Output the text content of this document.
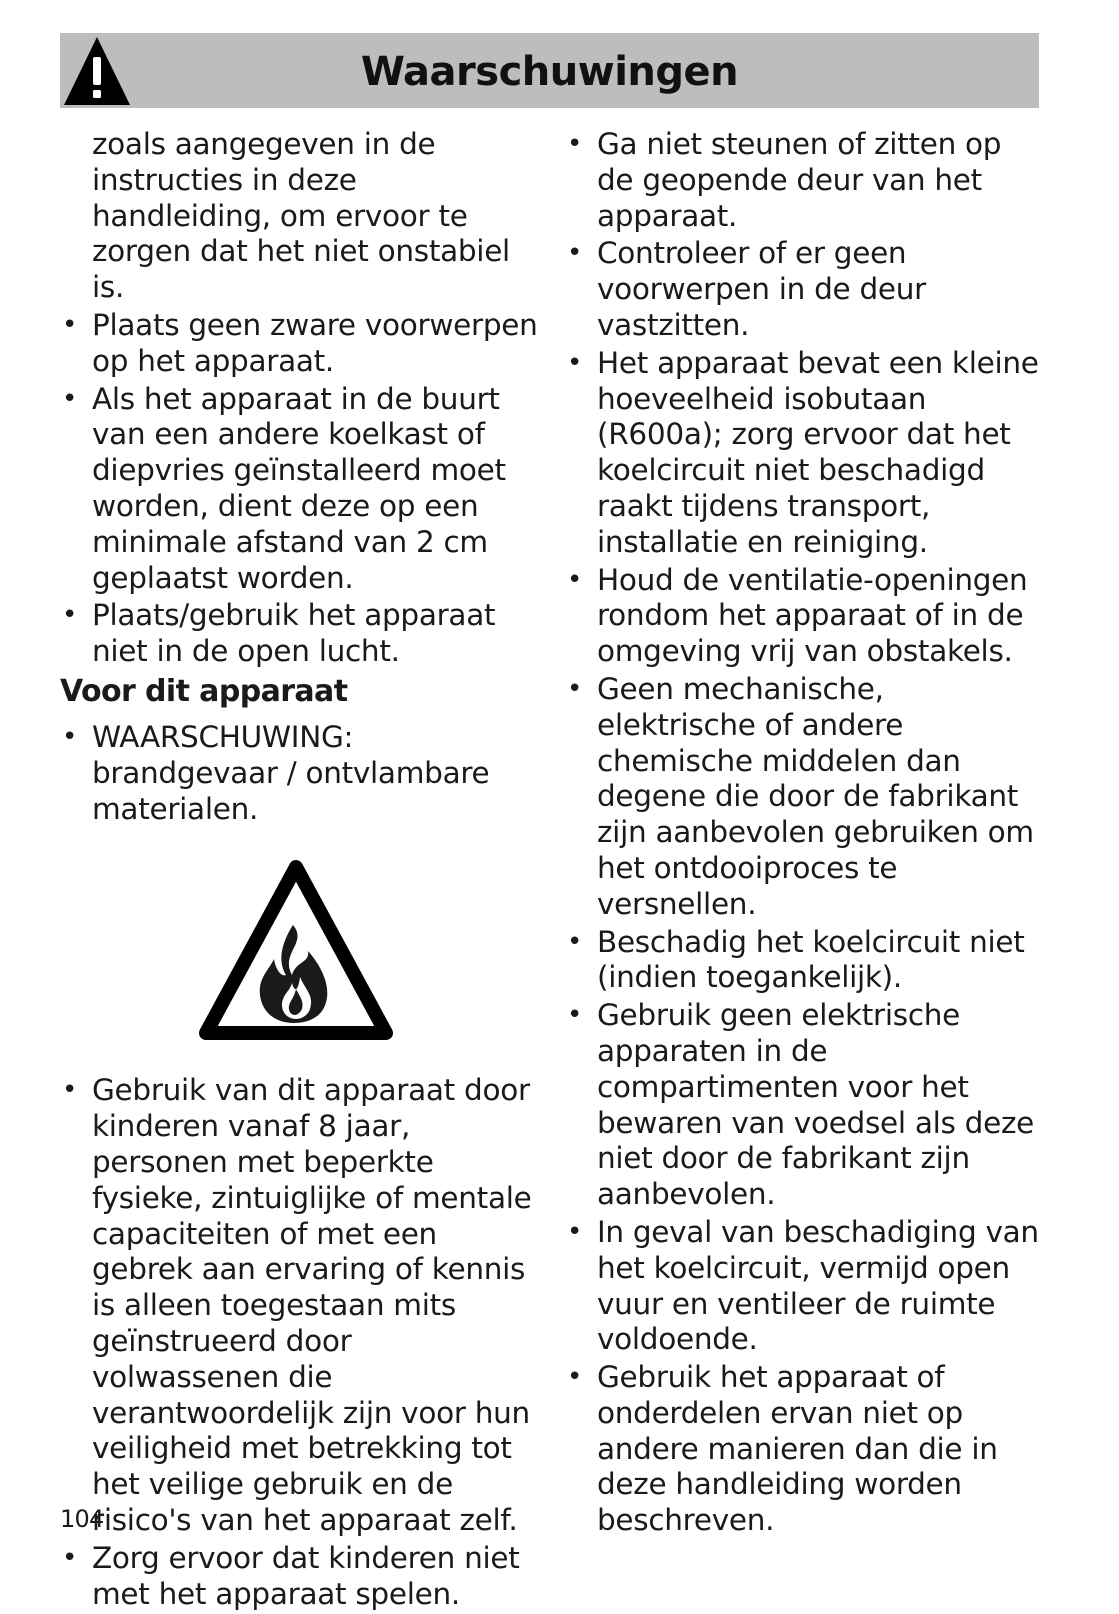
Waarschuwingen

zoals aangegeven in de instructies in deze handleiding, om ervoor te zorgen dat het niet onstabiel is.

• Plaats geen zware voorwerpen op het apparaat.

• Als het apparaat in de buurt van een andere koelkast of diepvries geïnstalleerd moet worden, dient deze op een minimale afstand van 2 cm geplaatst worden.

• Plaats/gebruik het apparaat niet in de open lucht.

Voor dit apparaat

• WAARSCHUWING: brandgevaar / ontvlambare materialen.

• Gebruik van dit apparaat door kinderen vanaf 8 jaar, personen met beperkte fysieke, zintuiglijke of mentale capaciteiten of met een gebrek aan ervaring of kennis is alleen toegestaan mits geïnstrueerd door volwassenen die verantwoordelijk zijn voor hun veiligheid met betrekking tot het veilige gebruik en de risico's van het apparaat zelf.

• Zorg ervoor dat kinderen niet met het apparaat spelen.

• Ga niet steunen of zitten op de geopende deur van het apparaat.

• Controleer of er geen voorwerpen in de deur vastzitten.

• Het apparaat bevat een kleine hoeveelheid isobutaan (R600a); zorg ervoor dat het koelcircuit niet beschadigd raakt tijdens transport, installatie en reiniging.

• Houd de ventilatie-openingen rondom het apparaat of in de omgeving vrij van obstakels.

• Geen mechanische, elektrische of andere chemische middelen dan degene die door de fabrikant zijn aanbevolen gebruiken om het ontdooiproces te versnellen.

• Beschadig het koelcircuit niet (indien toegankelijk).

• Gebruik geen elektrische apparaten in de compartimenten voor het bewaren van voedsel als deze niet door de fabrikant zijn aanbevolen.

• In geval van beschadiging van het koelcircuit, vermijd open vuur en ventileer de ruimte voldoende.

• Gebruik het apparaat of onderdelen ervan niet op andere manieren dan die in deze handleiding worden beschreven.

104
